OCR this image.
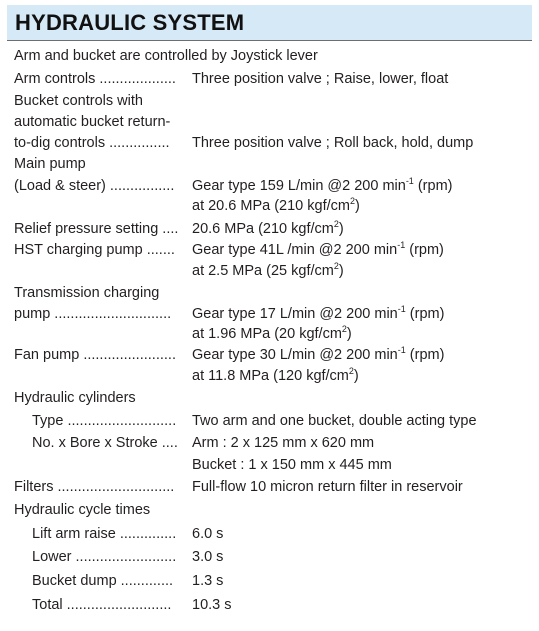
HYDRAULIC SYSTEM
Arm and bucket are controlled by Joystick lever
Arm controls ................... Three position valve ; Raise, lower, float
Bucket controls with
automatic bucket return-
to-dig controls ............... Three position valve ; Roll back, hold, dump
Main pump
(Load & steer) ................ Gear type 159 L/min @2 200 $\min^{-1} (rpm)$
at 20.6 MPa (210 kgf/$cm^2$)
Relief pressure setting .... 20.6 MPa (210 kgf/$cm^2$)
HST charging pump ....... Gear type 41L /min @2 200 $\min^{-1} (rpm)$
at 2.5 MPa (25 kgf/$cm^2$)
Transmission charging
pump ............................. Gear type 17 L/min @2 200 $\min^{-1} (rpm)$
at 1.96 MPa (20 kgf/$cm^2$)
Fan pump ....................... Gear type 30 L/min @2 200 $\min^{-1} (rpm)$
at 11.8 MPa (120 kgf/$cm^2$)
Hydraulic cylinders
Type ........................... Two arm and one bucket, double acting type
No. x Bore x Stroke .... Arm : 2 x 125 mm x 620 mm
Bucket : 1 x 150 mm x 445 mm
Filters ............................. Full-flow 10 micron return filter in reservoir
Hydraulic cycle times
Lift arm raise .............. 6.0 s
Lower ......................... 3.0 s
Bucket dump ............. 1.3 s
Total .......................... 10.3 s
